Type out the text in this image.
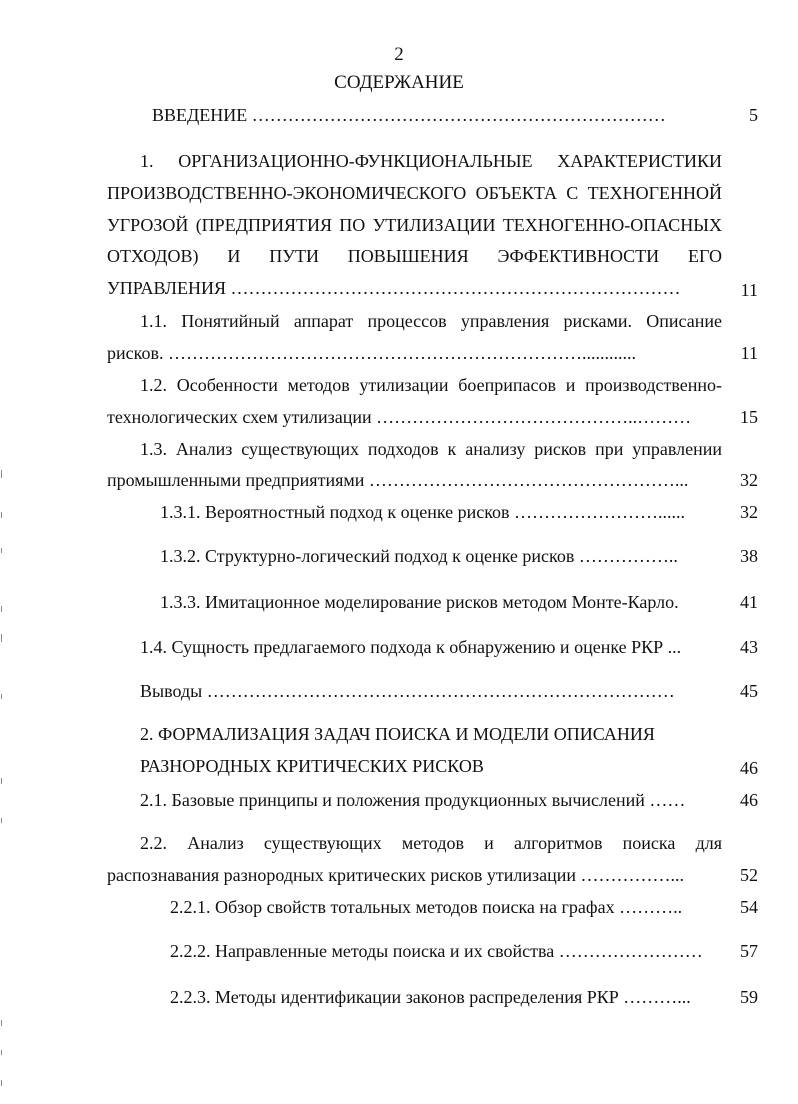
2
СОДЕРЖАНИЕ
ВВЕДЕНИЕ ……………………………………………………………	5
1. ОРГАНИЗАЦИОННО-ФУНКЦИОНАЛЬНЫЕ ХАРАКТЕРИСТИКИ
ПРОИЗВОДСТВЕННО-ЭКОНОМИЧЕСКОГО ОБЪЕКТА С ТЕХНОГЕННОЙ
УГРОЗОЙ (ПРЕДПРИЯТИЯ ПО УТИЛИЗАЦИИ ТЕХНОГЕННО-ОПАСНЫХ
ОТХОДОВ) И ПУТИ ПОВЫШЕНИЯ ЭФФЕКТИВНОСТИ ЕГО
УПРАВЛЕНИЯ …………………………………………………………………	11
1.1. Понятийный аппарат процессов управления рисками. Описание
рисков. ……………………………………………………………............	11
1.2. Особенности методов утилизации боеприпасов и производственно-
технологических схем утилизации ……………………………………..………	15
1.3. Анализ существующих подходов к анализу рисков при управлении
промышленными предприятиями ……………………………………………...	32
1.3.1. Вероятностный подход к оценке рисков ……………………......	32
1.3.2. Структурно-логический подход к оценке рисков ……………..	38
1.3.3. Имитационное моделирование рисков методом Монте-Карло.	41
1.4. Сущность предлагаемого подхода к обнаружению и оценке РКР ...	43
Выводы ……………………………………………………………………	45
2. ФОРМАЛИЗАЦИЯ ЗАДАЧ ПОИСКА И МОДЕЛИ ОПИСАНИЯ
РАЗНОРОДНЫХ КРИТИЧЕСКИХ РИСКОВ	46
2.1. Базовые принципы и положения продукционных вычислений ……	46
2.2. Анализ существующих методов и алгоритмов поиска для
распознавания разнородных критических рисков утилизации ……………...	52
2.2.1. Обзор свойств тотальных методов поиска на графах ………..	54
2.2.2. Направленные методы поиска и их свойства …………………… 57
2.2.3. Методы идентификации законов распределения РКР ………...	59
